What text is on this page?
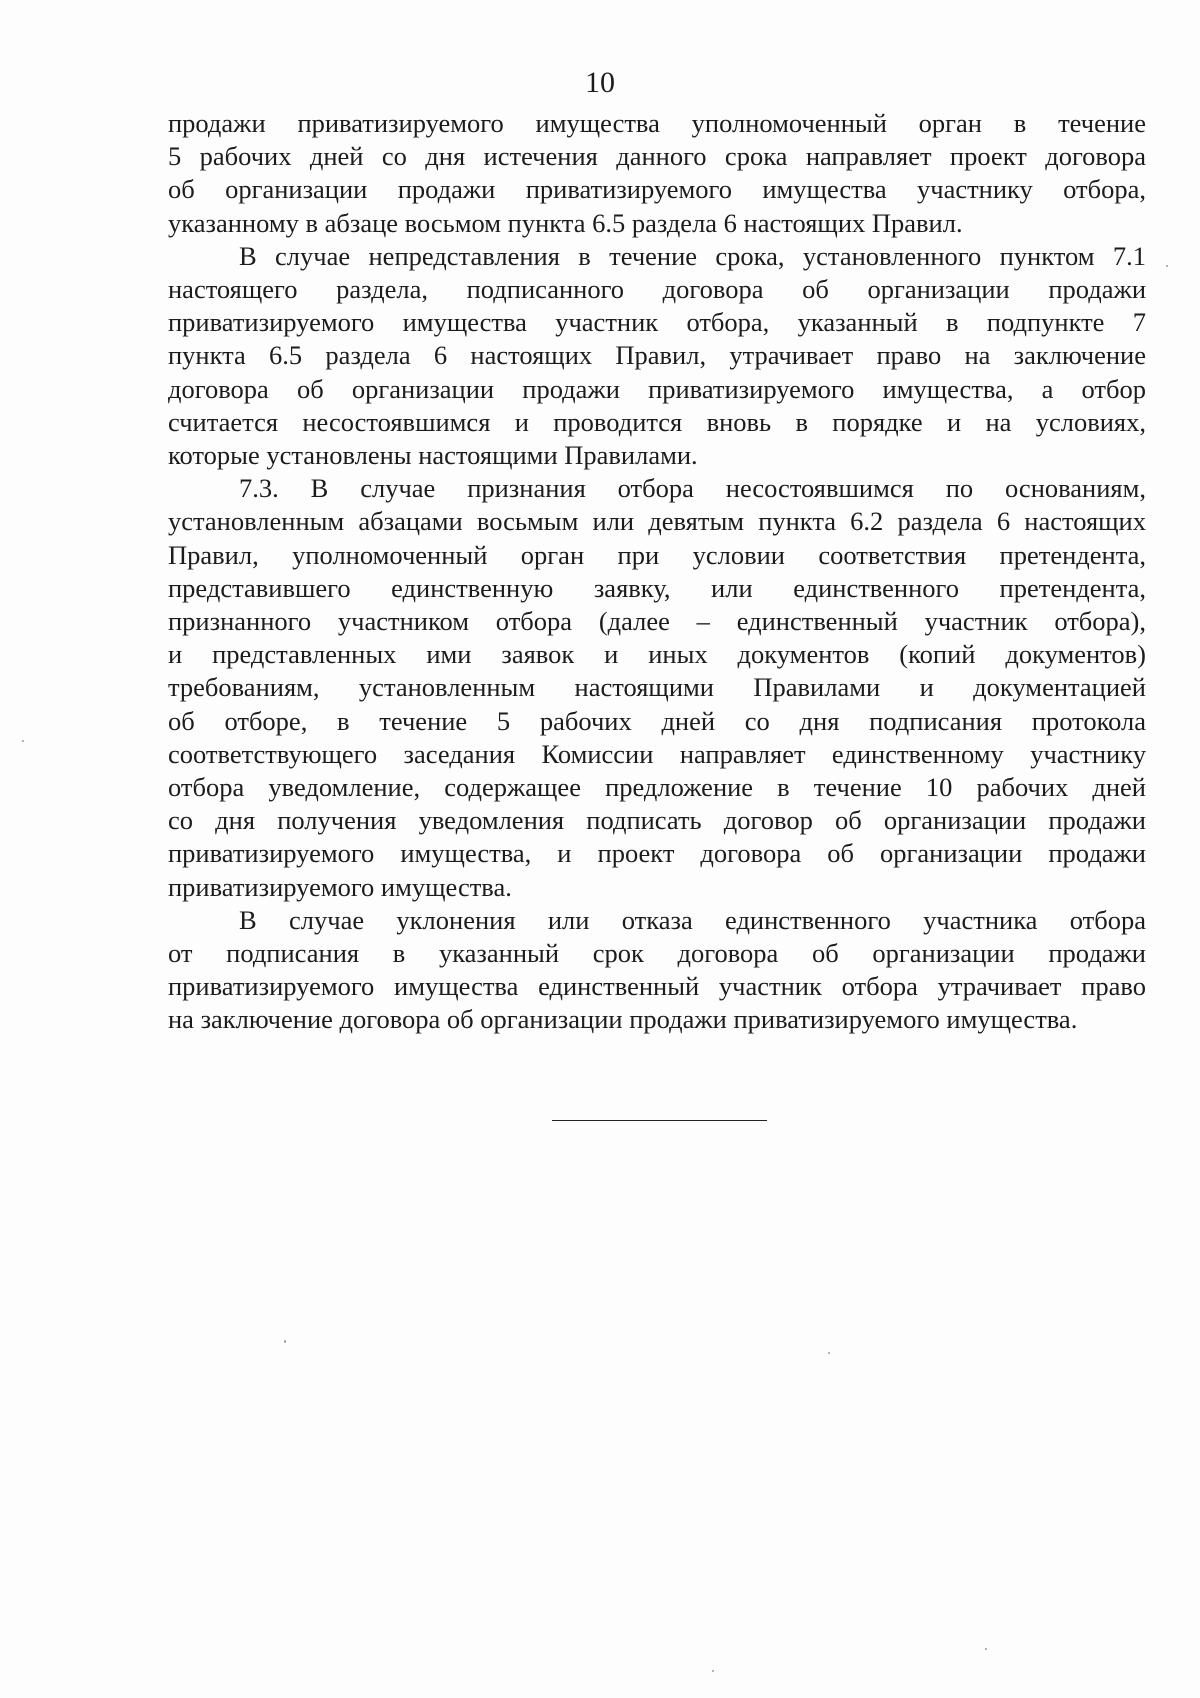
10

продажи приватизируемого имущества уполномоченный орган в течение
5 рабочих дней со дня истечения данного срока направляет проект договора
об организации продажи приватизируемого имущества участнику отбора,
указанному в абзаце восьмом пункта 6.5 раздела 6 настоящих Правил.

В случае непредставления в течение срока, установленного пунктом 7.1
настоящего раздела, подписанного договора об организации продажи
приватизируемого имущества участник отбора, указанный в подпункте 7
пункта 6.5 раздела 6 настоящих Правил, утрачивает право на заключение
договора об организации продажи приватизируемого имущества, а отбор
считается несостоявшимся и проводится вновь в порядке и на условиях,
которые установлены настоящими Правилами.

7.3. В случае признания отбора несостоявшимся по основаниям,
установленным абзацами восьмым или девятым пункта 6.2 раздела 6 настоящих
Правил, уполномоченный орган при условии соответствия претендента,
представившего единственную заявку, или единственного претендента,
признанного участником отбора (далее – единственный участник отбора),
и представленных ими заявок и иных документов (копий документов)
требованиям, установленным настоящими Правилами и документацией
об отборе, в течение 5 рабочих дней со дня подписания протокола
соответствующего заседания Комиссии направляет единственному участнику
отбора уведомление, содержащее предложение в течение 10 рабочих дней
со дня получения уведомления подписать договор об организации продажи
приватизируемого имущества, и проект договора об организации продажи
приватизируемого имущества.

В случае уклонения или отказа единственного участника отбора
от подписания в указанный срок договора об организации продажи
приватизируемого имущества единственный участник отбора утрачивает право
на заключение договора об организации продажи приватизируемого имущества.
